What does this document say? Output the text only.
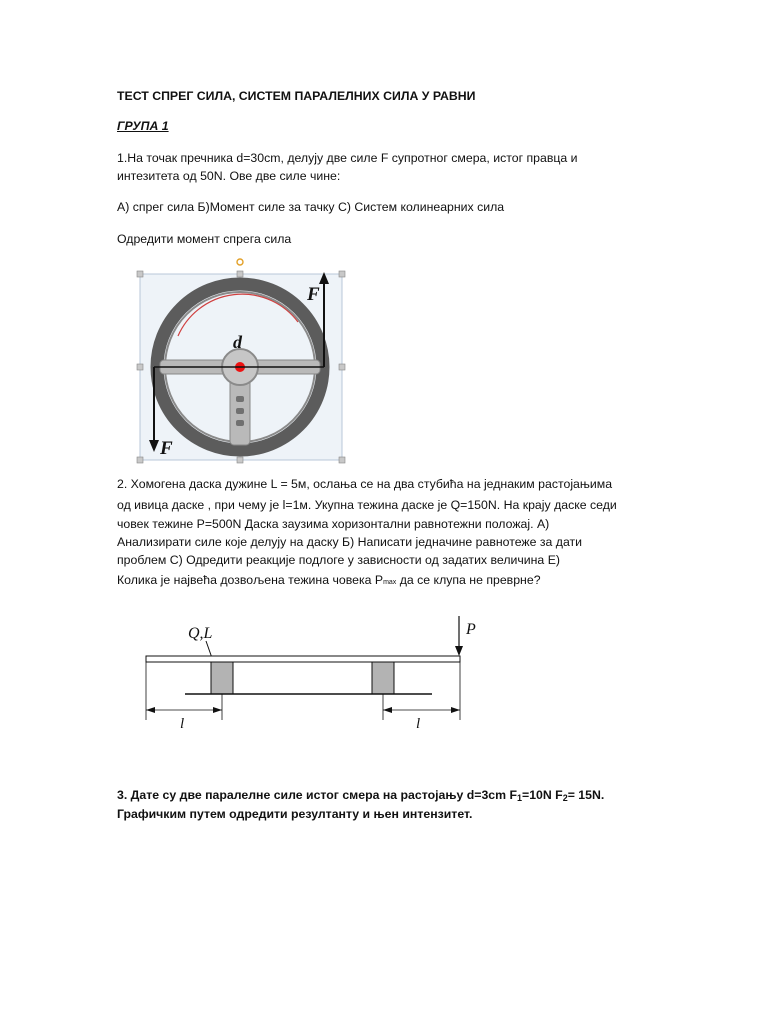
ТЕСТ СПРЕГ СИЛА, СИСТЕМ ПАРАЛЕЛНИХ СИЛА У РАВНИ

ГРУПА 1

1.На точак пречника d=30cm, делују две силе F супротног смера, истог правца и

интезитета од 50N. Ове две силе чине:

А) спрег сила Б)Момент силе за тачку С) Систем колинеарних сила

Одредити момент спрега сила

d
F
F

2. Хомогена даска дужине L = 5м, ослања се на два стубића на једнаким растојањима

од ивица даске , при чему је l=1м. Укупна тежина даске је Q=150N. На крају даске седи

човек тежине P=500N Даска заузима хоризонтални равнотежни положај. А)

Анализирати силе које делују на даску Б) Написати једначине равнотеже за дати

проблем С) Одредити реакције подлоге у зависности од задатих величина Е)

Колика је највећа дозвољена тежина човека Pmax да се клупа не преврне?

Q,L	P
l	l

3. Дате су две паралелне силе истог смера на растојању d=3cm F1=10N F2= 15N.

Графичким путем одредити резултанту и њен интензитет.
